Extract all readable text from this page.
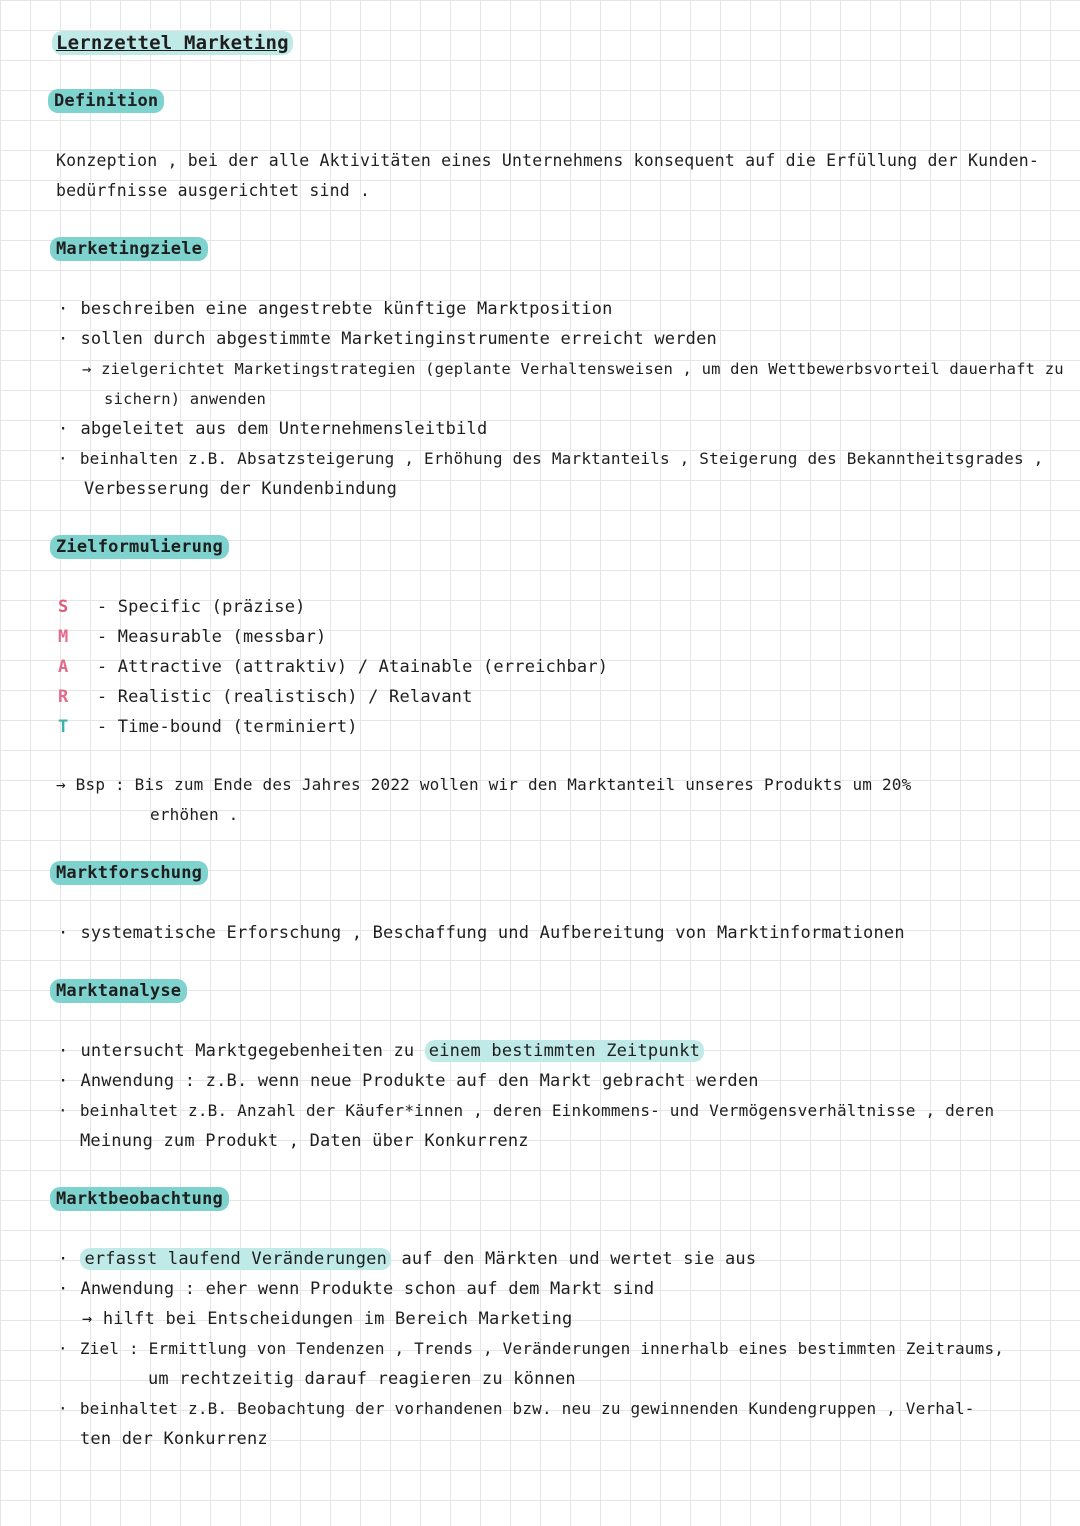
Lernzettel Marketing
Definition
Konzeption , bei der alle Aktivitäten eines Unternehmens konsequent auf die Erfüllung der Kunden-
bedürfnisse ausgerichtet sind .
Marketingziele
· beschreiben eine angestrebte künftige Marktposition
· sollen durch abgestimmte Marketinginstrumente erreicht werden
→ zielgerichtet Marketingstrategien (geplante Verhaltensweisen , um den Wettbewerbsvorteil dauerhaft zu
sichern) anwenden
· abgeleitet aus dem Unternehmensleitbild
· beinhalten z.B. Absatzsteigerung , Erhöhung des Marktanteils , Steigerung des Bekanntheitsgrades ,
Verbesserung der Kundenbindung
Zielformulierung
S - Specific (präzise)
M - Measurable (messbar)
A - Attractive (attraktiv) / Atainable (erreichbar)
R - Realistic (realistisch) / Relavant
T - Time-bound (terminiert)
→ Bsp : Bis zum Ende des Jahres 2022 wollen wir den Marktanteil unseres Produkts um 20%
erhöhen .
Marktforschung
· systematische Erforschung , Beschaffung und Aufbereitung von Marktinformationen
Marktanalyse
· untersucht Marktgegebenheiten zu einem bestimmten Zeitpunkt
· Anwendung : z.B. wenn neue Produkte auf den Markt gebracht werden
· beinhaltet z.B. Anzahl der Käufer*innen , deren Einkommens- und Vermögensverhältnisse , deren
Meinung zum Produkt , Daten über Konkurrenz
Marktbeobachtung
· erfasst laufend Veränderungen auf den Märkten und wertet sie aus
· Anwendung : eher wenn Produkte schon auf dem Markt sind
→ hilft bei Entscheidungen im Bereich Marketing
· Ziel : Ermittlung von Tendenzen , Trends , Veränderungen innerhalb eines bestimmten Zeitraums,
um rechtzeitig darauf reagieren zu können
· beinhaltet z.B. Beobachtung der vorhandenen bzw. neu zu gewinnenden Kundengruppen , Verhal-
ten der Konkurrenz
